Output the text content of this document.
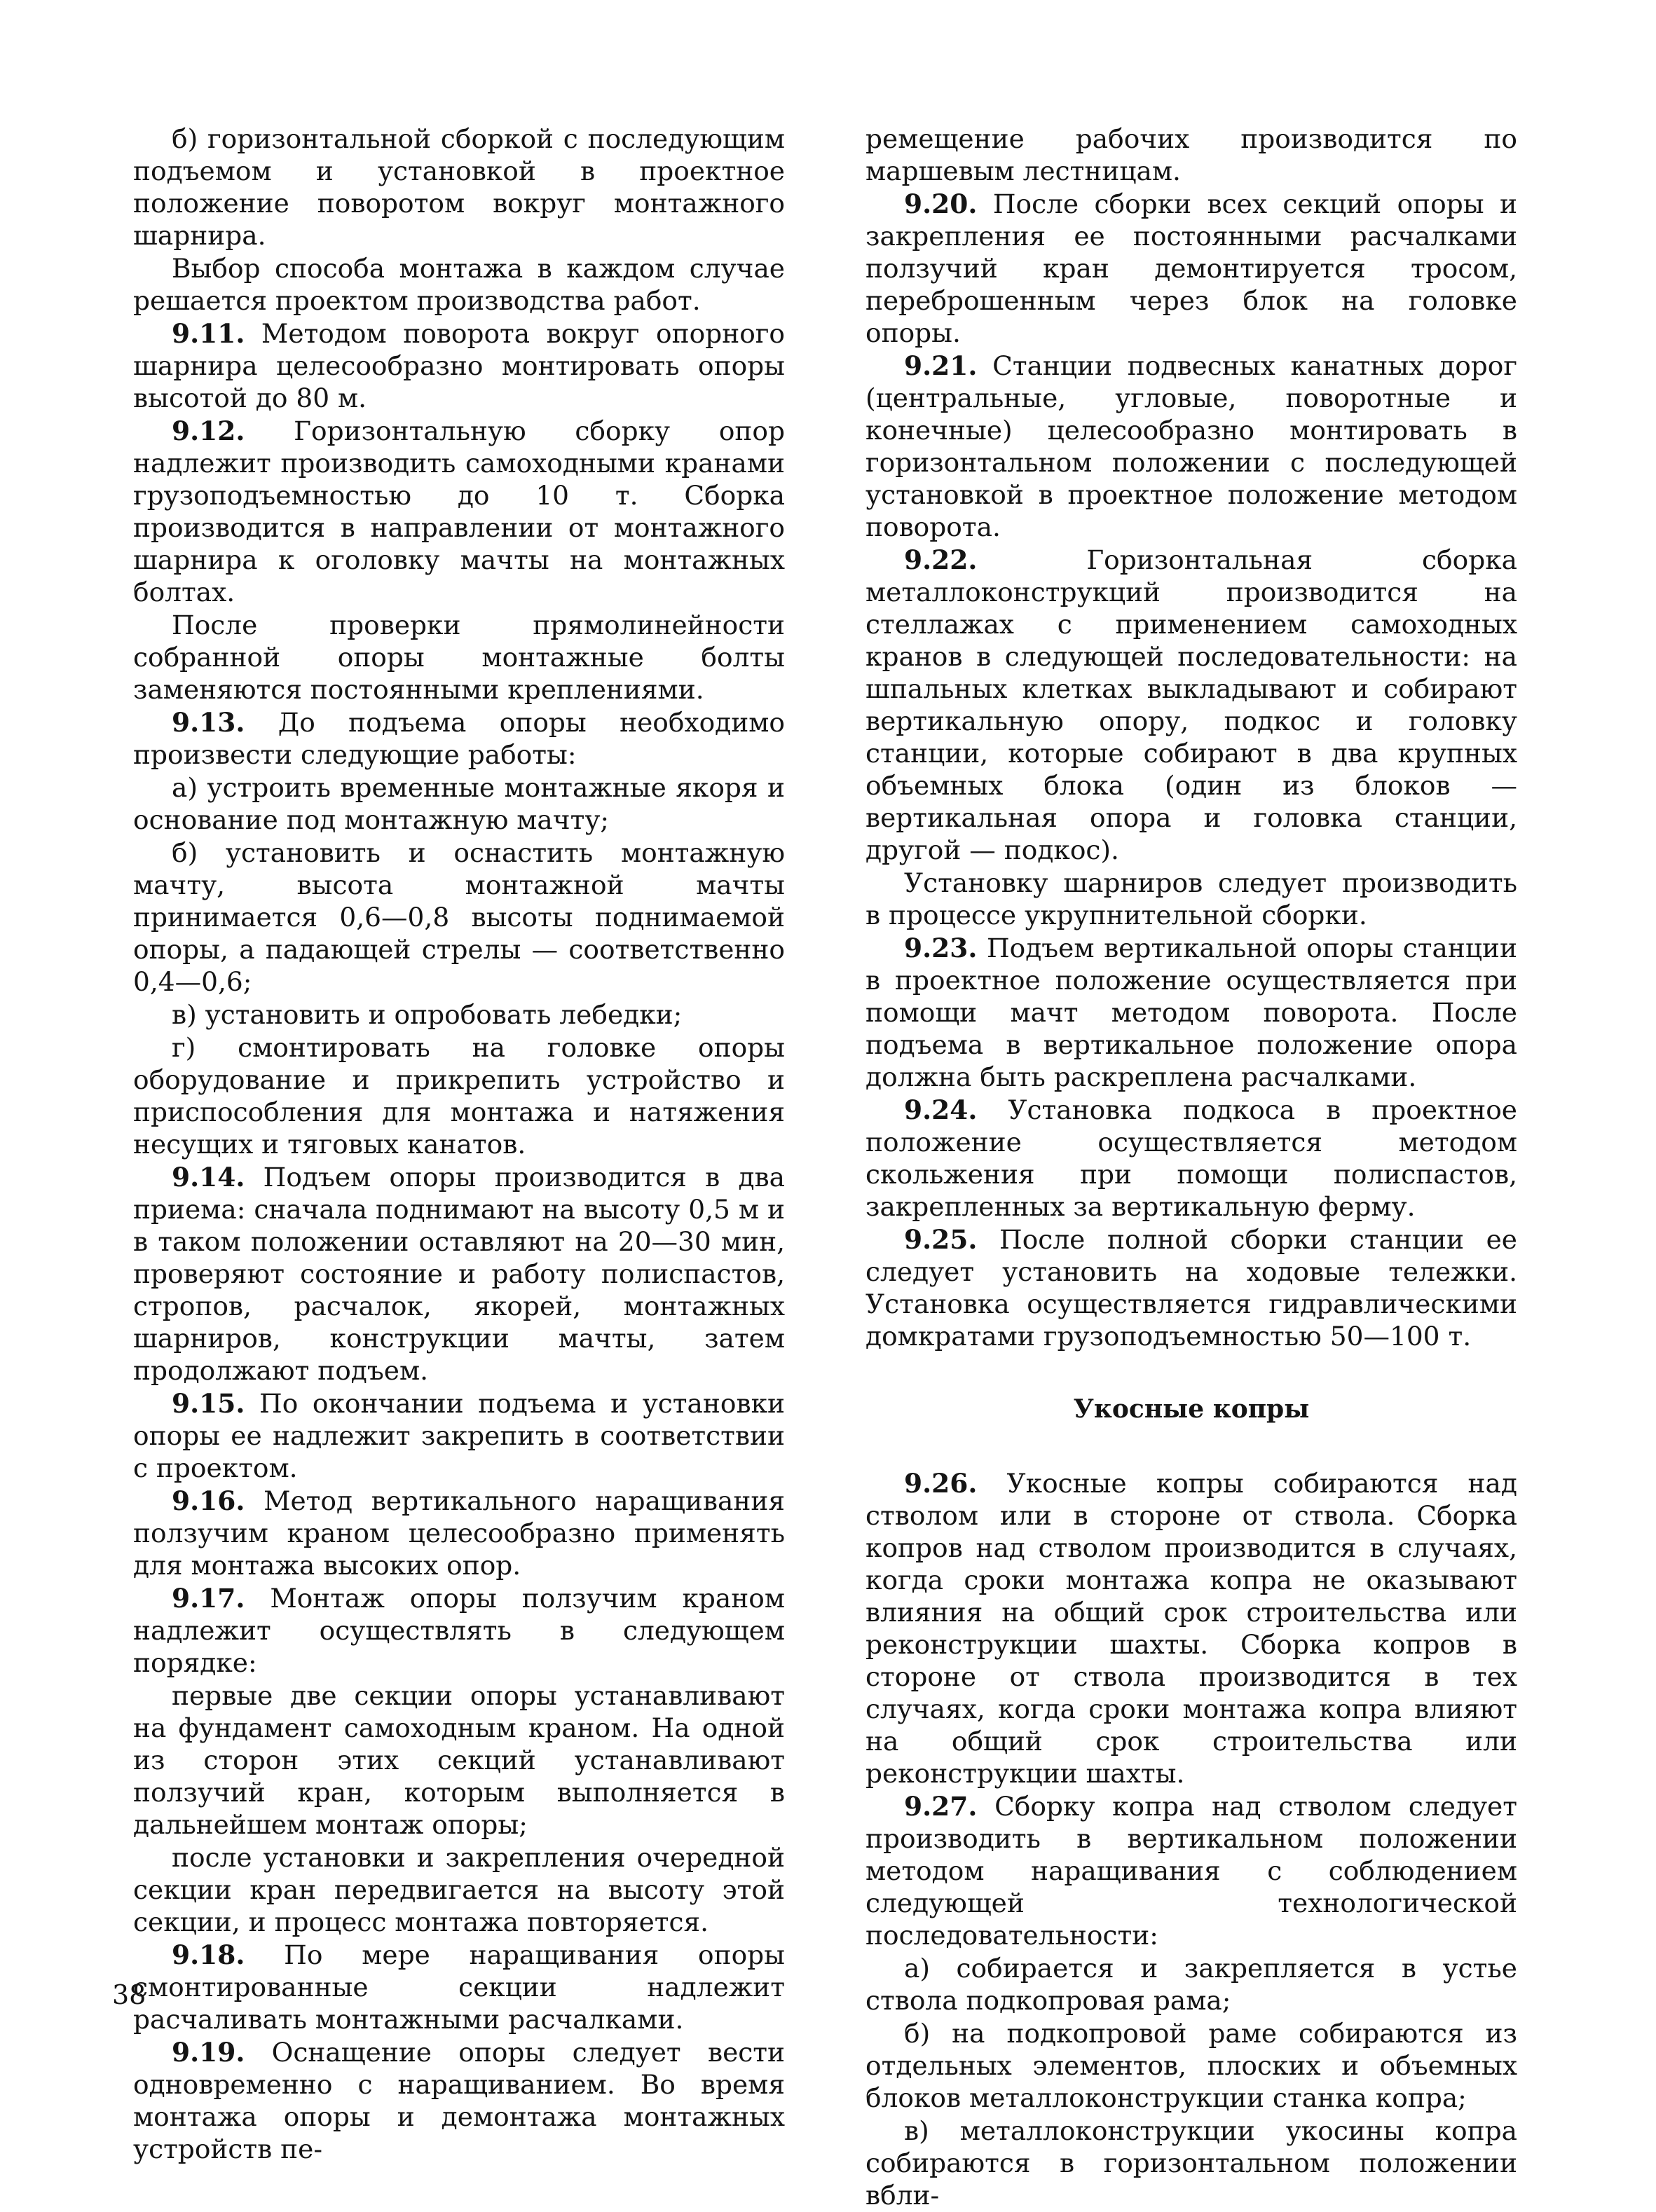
б) горизонтальной сборкой с последующим подъемом и установкой в проектное положение поворотом вокруг монтажного шарнира.

Выбор способа монтажа в каждом случае решается проектом производства работ.

9.11. Методом поворота вокруг опорного шарнира целесообразно монтировать опоры высотой до 80 м.

9.12. Горизонтальную сборку опор надлежит производить самоходными кранами грузоподъемностью до 10 т. Сборка производится в направлении от монтажного шарнира к оголовку мачты на монтажных болтах.

После проверки прямолинейности собранной опоры монтажные болты заменяются постоянными креплениями.

9.13. До подъема опоры необходимо произвести следующие работы:

а) устроить временные монтажные якоря и основание под монтажную мачту;

б) установить и оснастить монтажную мачту, высота монтажной мачты принимается 0,6—0,8 высоты поднимаемой опоры, а падающей стрелы — соответственно 0,4—0,6;

в) установить и опробовать лебедки;

г) смонтировать на головке опоры оборудование и прикрепить устройство и приспособления для монтажа и натяжения несущих и тяговых канатов.

9.14. Подъем опоры производится в два приема: сначала поднимают на высоту 0,5 м и в таком положении оставляют на 20—30 мин, проверяют состояние и работу полиспастов, стропов, расчалок, якорей, монтажных шарниров, конструкции мачты, затем продолжают подъем.

9.15. По окончании подъема и установки опоры ее надлежит закрепить в соответствии с проектом.

9.16. Метод вертикального наращивания ползучим краном целесообразно применять для монтажа высоких опор.

9.17. Монтаж опоры ползучим краном надлежит осуществлять в следующем порядке:

первые две секции опоры устанавливают на фундамент самоходным краном. На одной из сторон этих секций устанавливают ползучий кран, которым выполняется в дальнейшем монтаж опоры;

после установки и закрепления очередной секции кран передвигается на высоту этой секции, и процесс монтажа повторяется.

9.18. По мере наращивания опоры смонтированные секции надлежит расчаливать монтажными расчалками.

9.19. Оснащение опоры следует вести одновременно с наращиванием. Во время монтажа опоры и демонтажа монтажных устройств пе-

ремещение рабочих производится по маршевым лестницам.

9.20. После сборки всех секций опоры и закрепления ее постоянными расчалками ползучий кран демонтируется тросом, переброшенным через блок на головке опоры.

9.21. Станции подвесных канатных дорог (центральные, угловые, поворотные и конечные) целесообразно монтировать в горизонтальном положении с последующей установкой в проектное положение методом поворота.

9.22.	Горизонтальная сборка металлоконструкций производится на стеллажах с применением самоходных кранов в следующей последовательности: на шпальных клетках выкладывают и собирают вертикальную опору, подкос и головку станции, которые собирают в два крупных объемных блока (один из блоков — вертикальная опора и головка станции, другой — подкос).

Установку шарниров следует производить в процессе укрупнительной сборки.

9.23. Подъем вертикальной опоры станции в проектное положение осуществляется при помощи мачт методом поворота. После подъема в вертикальное положение опора должна быть раскреплена расчалками.

9.24. Установка подкоса в проектное положение осуществляется методом скольжения при помощи полиспастов, закрепленных за вертикальную ферму.

9.25. После полной сборки станции ее следует установить на ходовые тележки. Установка осуществляется гидравлическими домкратами грузоподъемностью 50—100 т.

Укосные копры

9.26. Укосные копры собираются над стволом или в стороне от ствола. Сборка копров над стволом производится в случаях, когда сроки монтажа копра не оказывают влияния на общий срок строительства или реконструкции шахты. Сборка копров в стороне от ствола производится в тех случаях, когда сроки монтажа копра влияют на общий срок строительства или реконструкции шахты.

9.27. Сборку копра над стволом следует производить в вертикальном положении методом наращивания с соблюдением следующей технологической последовательности:

а) собирается и закрепляется в устье ствола подкопровая рама;

б) на подкопровой раме собираются из отдельных элементов, плоских и объемных блоков металлоконструкции станка копра;

в) металлоконструкции укосины копра собираются в горизонтальном положении вбли-

38
